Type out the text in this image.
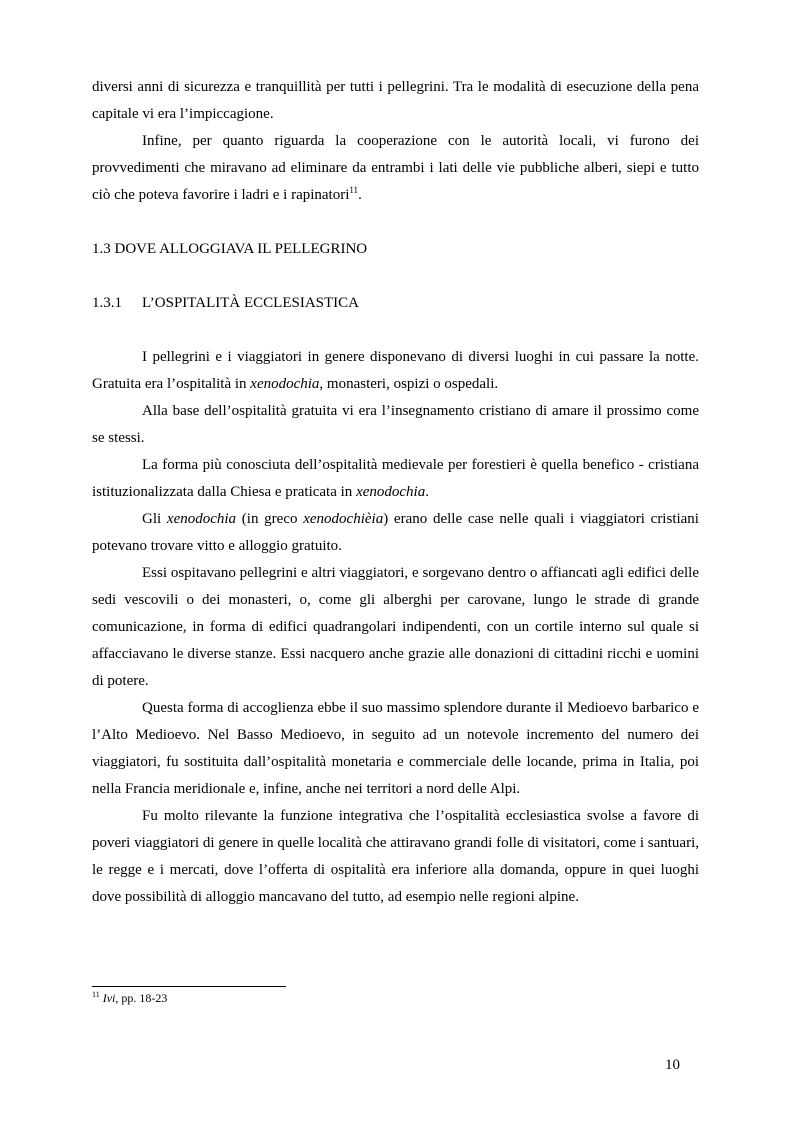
diversi anni di sicurezza e tranquillità per tutti i pellegrini. Tra le modalità di esecuzione della pena capitale vi era l’impiccagione.

Infine, per quanto riguarda la cooperazione con le autorità locali, vi furono dei provvedimenti che miravano ad eliminare da entrambi i lati delle vie pubbliche alberi, siepi e tutto ciò che poteva favorire i ladri e i rapinatori$^{11}$.

1.3 DOVE ALLOGGIAVA IL PELLEGRINO

1.3.1 L’OSPITALITÀ ECCLESIASTICA

I pellegrini e i viaggiatori in genere disponevano di diversi luoghi in cui passare la notte. Gratuita era l’ospitalità in xenodochia, monasteri, ospizi o ospedali.

Alla base dell’ospitalità gratuita vi era l’insegnamento cristiano di amare il prossimo come se stessi.

La forma più conosciuta dell’ospitalità medievale per forestieri è quella benefico - cristiana istituzionalizzata dalla Chiesa e praticata in xenodochia.

Gli xenodochia (in greco xenodochièia) erano delle case nelle quali i viaggiatori cristiani potevano trovare vitto e alloggio gratuito.

Essi ospitavano pellegrini e altri viaggiatori, e sorgevano dentro o affiancati agli edifici delle sedi vescovili o dei monasteri, o, come gli alberghi per carovane, lungo le strade di grande comunicazione, in forma di edifici quadrangolari indipendenti, con un cortile interno sul quale si affacciavano le diverse stanze. Essi nacquero anche grazie alle donazioni di cittadini ricchi e uomini di potere.

Questa forma di accoglienza ebbe il suo massimo splendore durante il Medioevo barbarico e l’Alto Medioevo. Nel Basso Medioevo, in seguito ad un notevole incremento del numero dei viaggiatori, fu sostituita dall’ospitalità monetaria e commerciale delle locande, prima in Italia, poi nella Francia meridionale e, infine, anche nei territori a nord delle Alpi.

Fu molto rilevante la funzione integrativa che l’ospitalità ecclesiastica svolse a favore di poveri viaggiatori di genere in quelle località che attiravano grandi folle di visitatori, come i santuari, le regge e i mercati, dove l’offerta di ospitalità era inferiore alla domanda, oppure in quei luoghi dove possibilità di alloggio mancavano del tutto, ad esempio nelle regioni alpine.

$^{11}$ Ivi, pp. 18-23

10
